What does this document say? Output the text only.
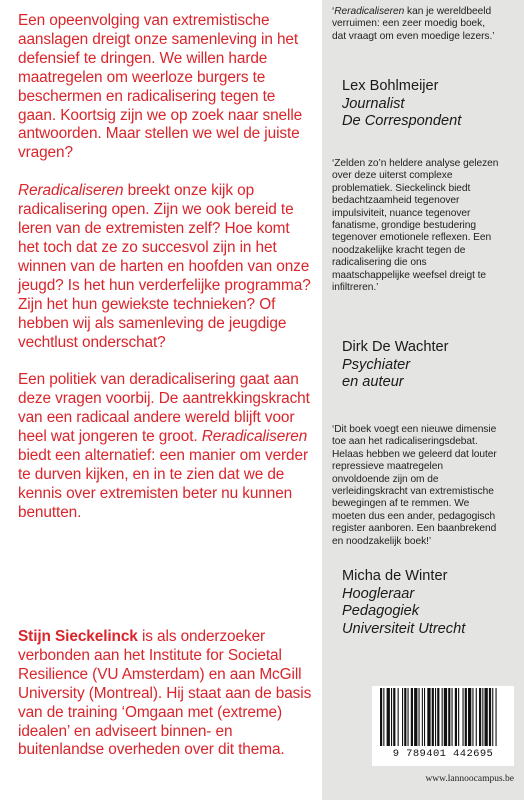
Een opeenvolging van extremistische aanslagen dreigt onze samenleving in het defensief te dringen. We willen harde maatregelen om weerloze burgers te beschermen en radicalisering tegen te gaan. Koortsig zijn we op zoek naar snelle antwoorden. Maar stellen we wel de juiste vragen?

Reradicaliseren breekt onze kijk op radicalisering open. Zijn we ook bereid te leren van de extremisten zelf? Hoe komt het toch dat ze zo succesvol zijn in het winnen van de harten en hoofden van onze jeugd? Is het hun verderfelijke programma? Zijn het hun gewiekste technieken? Of hebben wij als samenleving de jeugdige vechtlust onderschat?

Een politiek van deradicalisering gaat aan deze vragen voorbij. De aantrekkingskracht van een radicaal andere wereld blijft voor heel wat jongeren te groot. Reradicaliseren biedt een alternatief: een manier om verder te durven kijken, en in te zien dat we de kennis over extremisten beter nu kunnen benutten.

Stijn Sieckelinck is als onderzoeker verbonden aan het Institute for Societal Resilience (VU Amsterdam) en aan McGill University (Montreal). Hij staat aan de basis van de training ‘Omgaan met (extreme) idealen’ en adviseert binnen- en buitenlandse overheden over dit thema.
‘Reradicaliseren kan je wereldbeeld verruimen: een zeer moedig boek, dat vraagt om even moedige lezers.’
Lex Bohlmeijer
Journalist
De Correspondent
‘Zelden zo’n heldere analyse gelezen over deze uiterst complexe problematiek. Sieckelinck biedt bedachtzaamheid tegenover impulsiviteit, nuance tegenover fanatisme, grondige bestudering tegenover emotionele reflexen. Een noodzakelijke kracht tegen de radicalisering die ons maatschappelijke weefsel dreigt te infiltreren.’
Dirk De Wachter
Psychiater
en auteur
‘Dit boek voegt een nieuwe dimensie toe aan het radicaliseringsdebat. Helaas hebben we geleerd dat louter repressieve maatregelen onvoldoende zijn om de verleidingskracht van extremistische bewegingen af te remmen. We moeten dus een ander, pedagogisch register aanboren. Een baanbrekend en noodzakelijk boek!’
Micha de Winter
Hoogleraar
Pedagogiek
Universiteit Utrecht
9 789401 442695
www.lannoocampus.be
